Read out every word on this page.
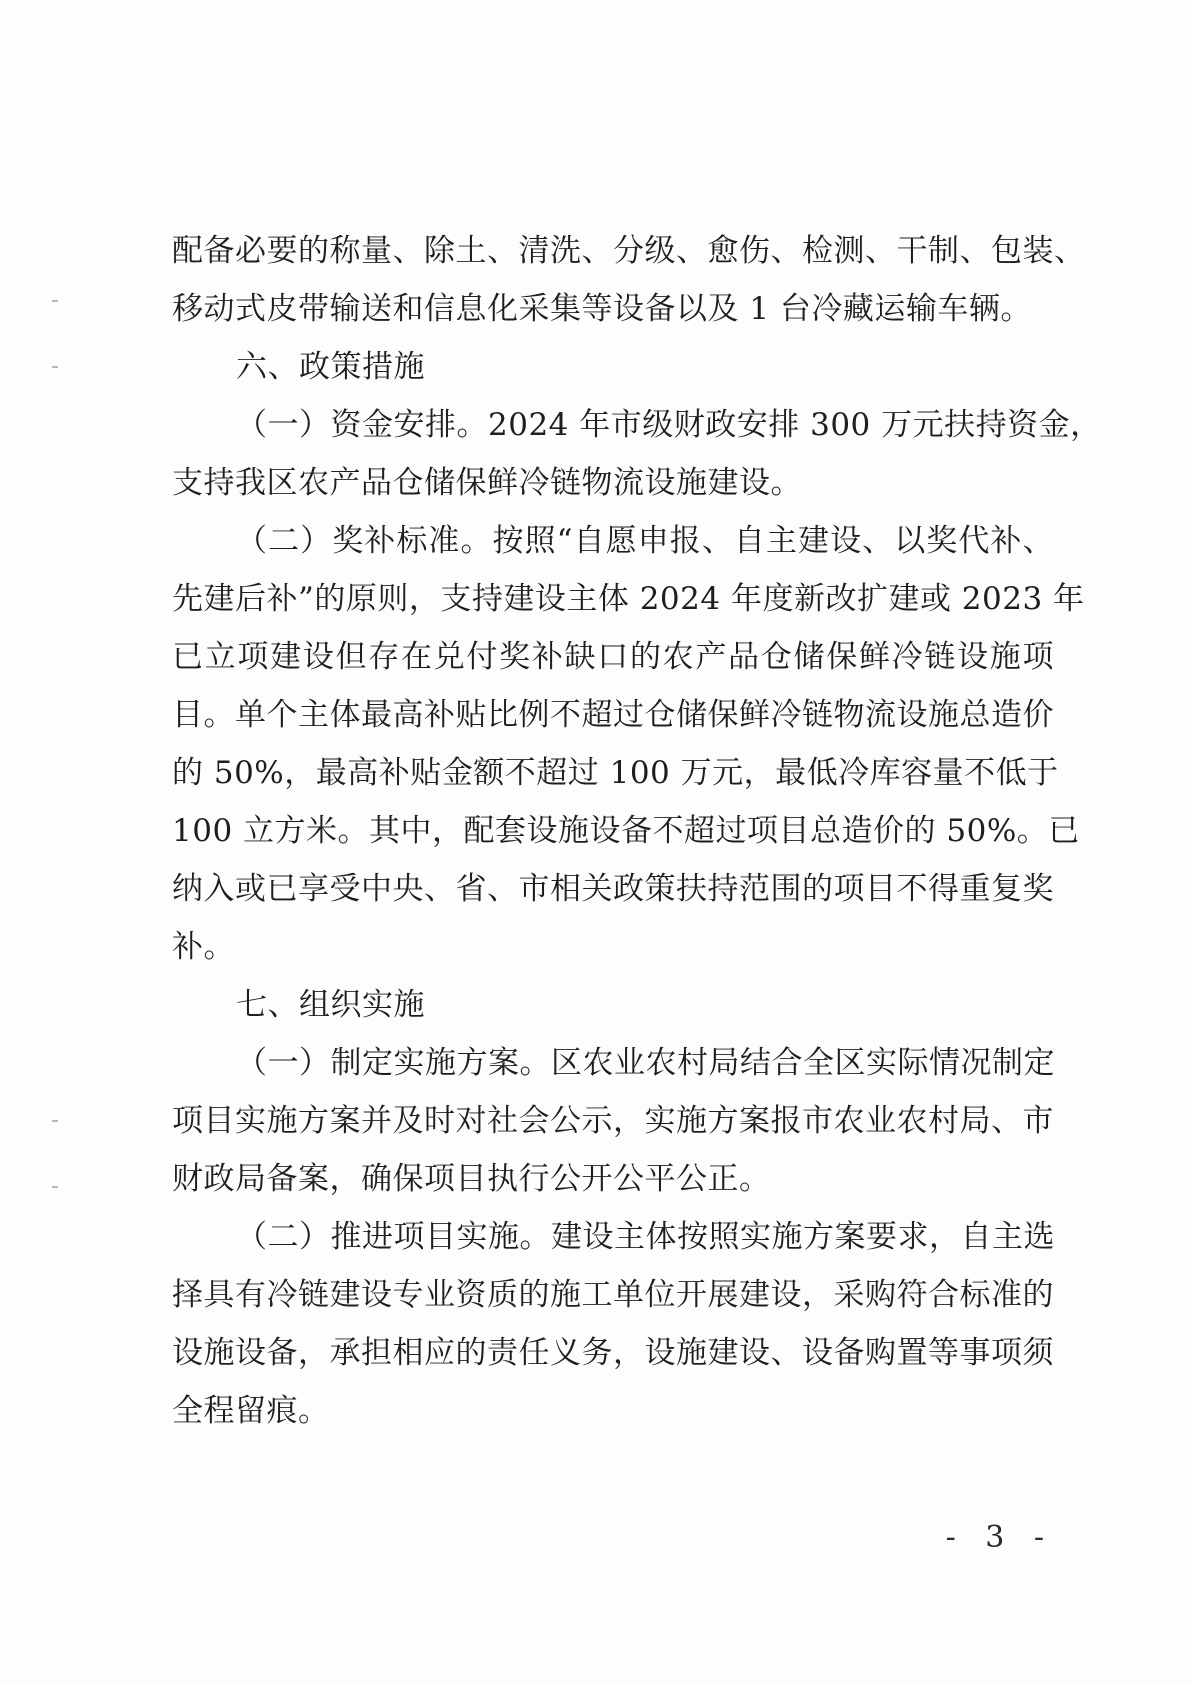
配备必要的称量、除土、清洗、分级、愈伤、检测、干制、包装、
移动式皮带输送和信息化采集等设备以及 1 台冷藏运输车辆。
六、政策措施
（一）资金安排。2024 年市级财政安排 300 万元扶持资金，
支持我区农产品仓储保鲜冷链物流设施建设。
（二）奖补标准。按照“自愿申报、自主建设、以奖代补、
先建后补”的原则，支持建设主体 2024 年度新改扩建或 2023 年
已立项建设但存在兑付奖补缺口的农产品仓储保鲜冷链设施项
目。单个主体最高补贴比例不超过仓储保鲜冷链物流设施总造价
的 50%，最高补贴金额不超过 100 万元，最低冷库容量不低于
100 立方米。其中，配套设施设备不超过项目总造价的 50%。已
纳入或已享受中央、省、市相关政策扶持范围的项目不得重复奖
补。
七、组织实施
（一）制定实施方案。区农业农村局结合全区实际情况制定
项目实施方案并及时对社会公示，实施方案报市农业农村局、市
财政局备案，确保项目执行公开公平公正。
（二）推进项目实施。建设主体按照实施方案要求，自主选
择具有冷链建设专业资质的施工单位开展建设，采购符合标准的
设施设备，承担相应的责任义务，设施建设、设备购置等事项须
全程留痕。
- 3 -
